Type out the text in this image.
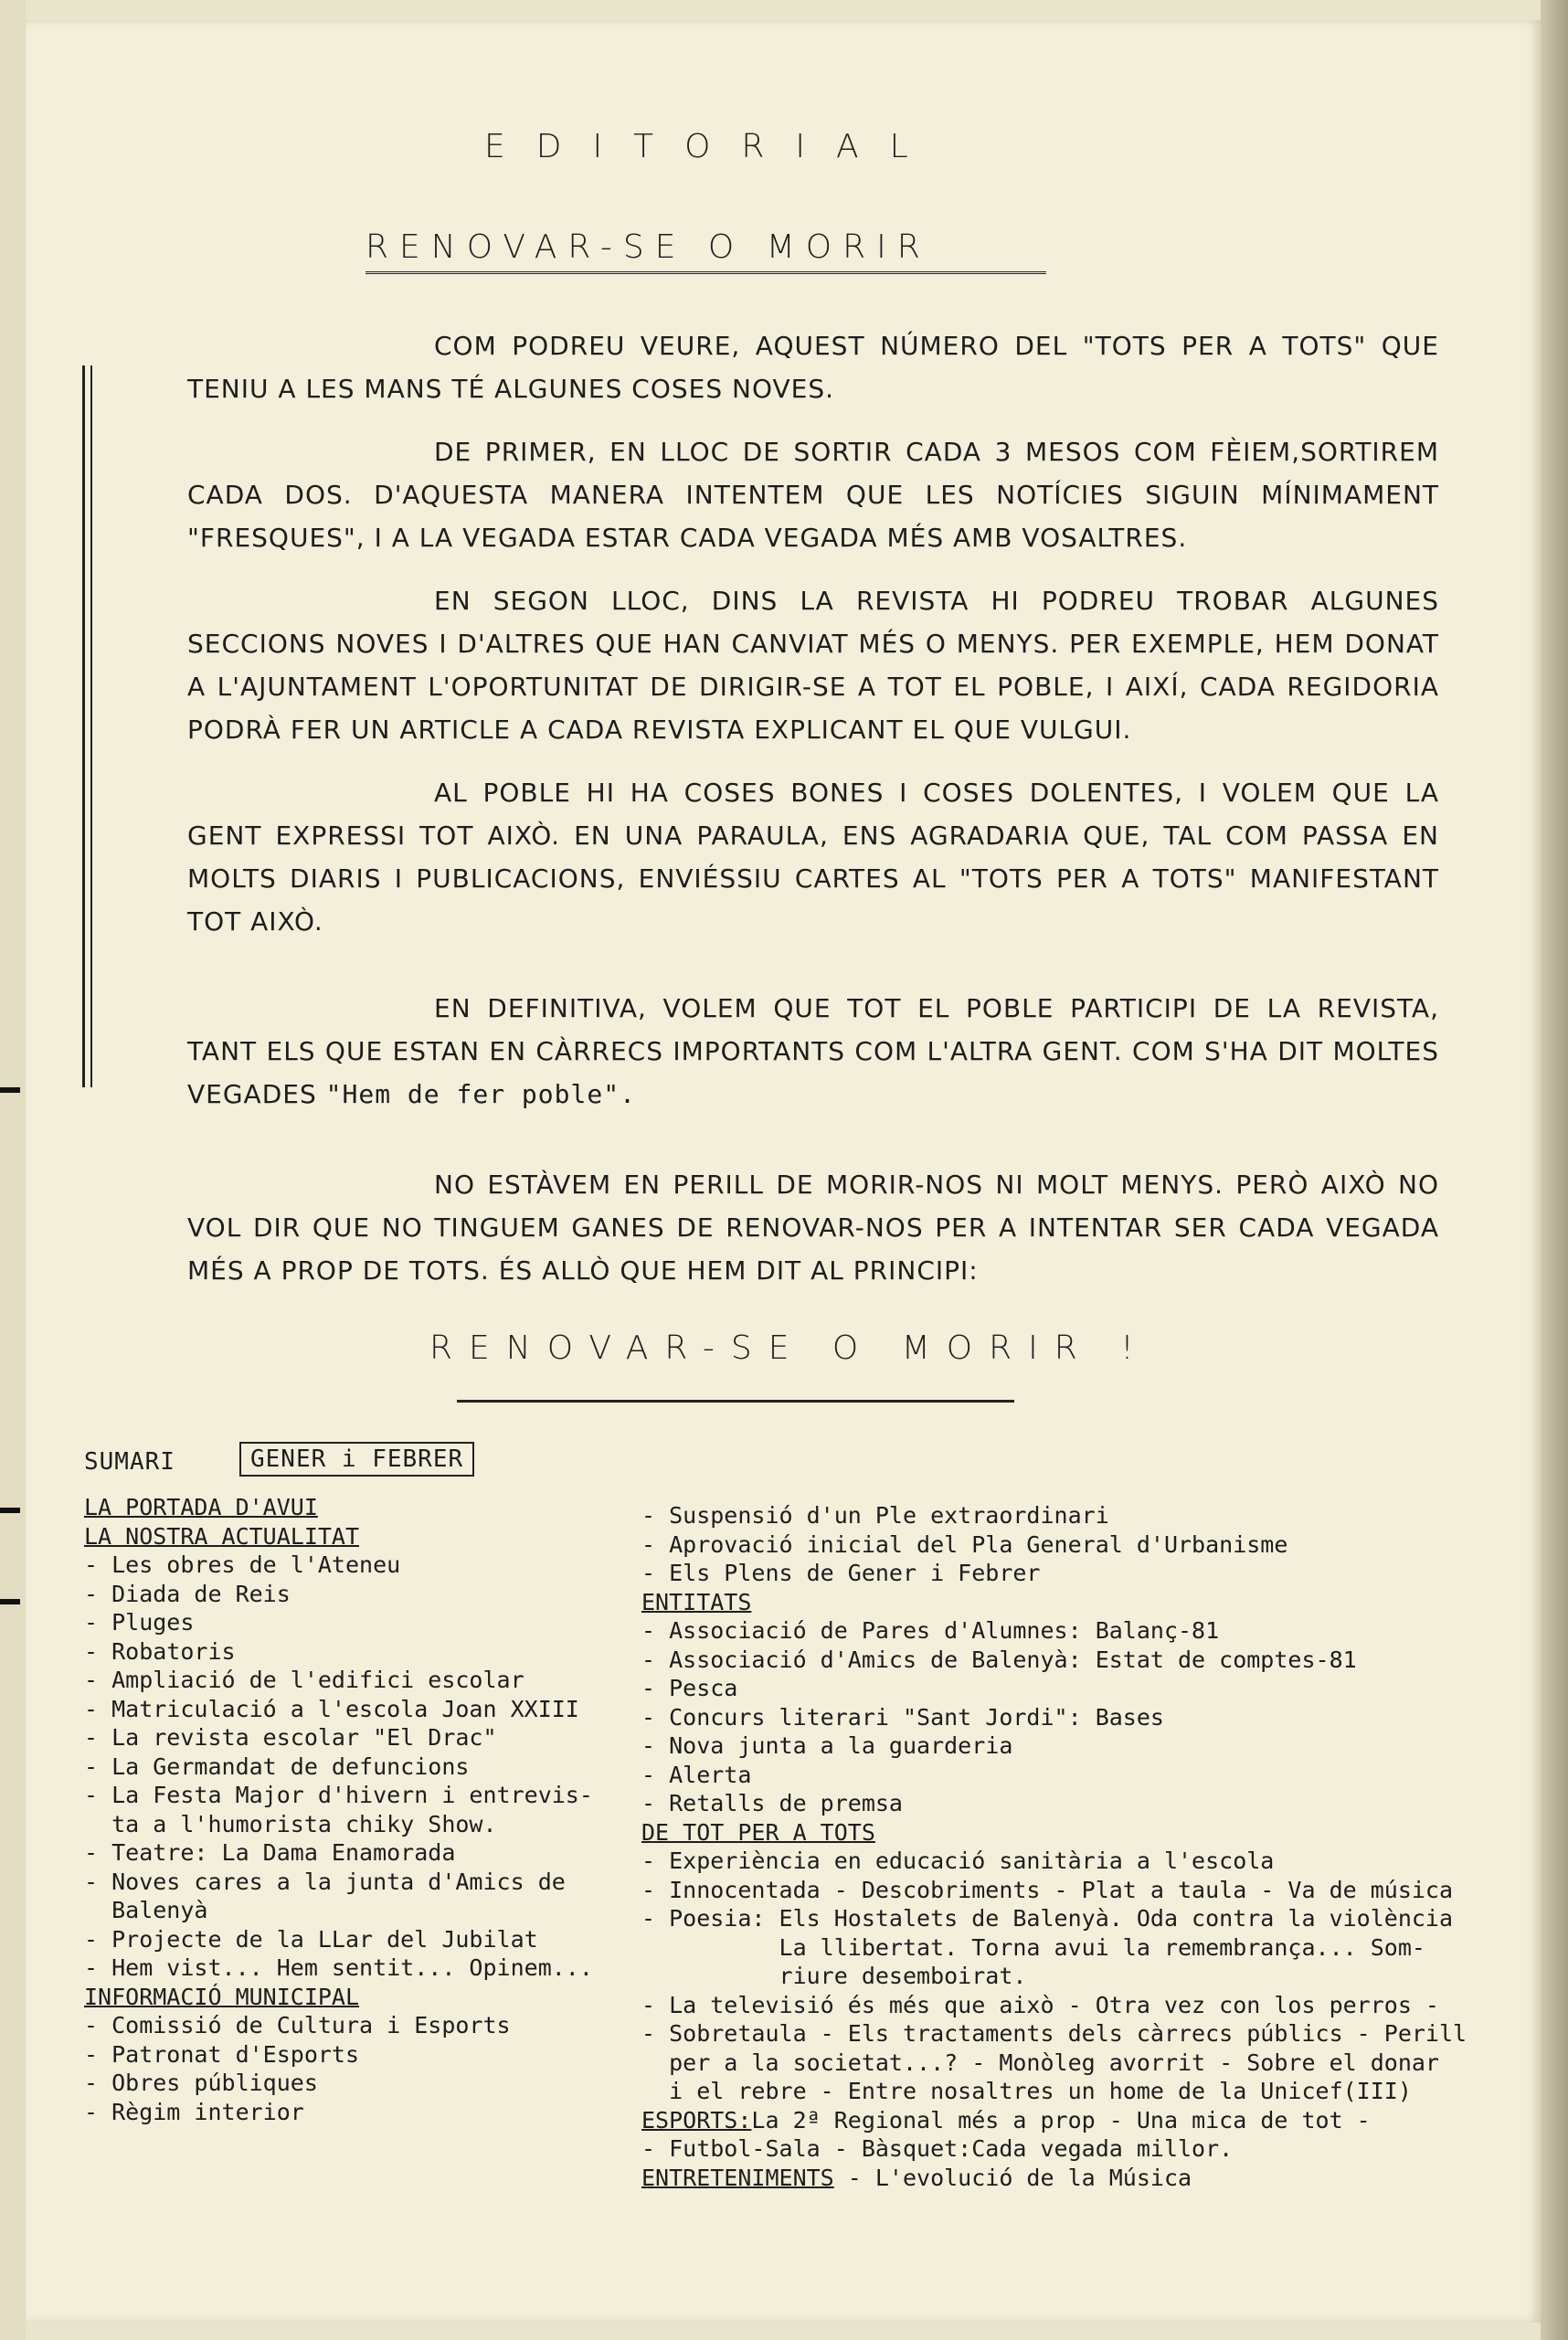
EDITORIAL
RENOVAR-SE O MORIR

COM PODREU VEURE, AQUEST NÚMERO DEL "TOTS PER A TOTS" QUE TENIU A LES MANS TÉ ALGUNES COSES NOVES.

DE PRIMER, EN LLOC DE SORTIR CADA 3 MESOS COM FÈIEM,SORTIREM CADA DOS. D'AQUESTA MANERA INTENTEM QUE LES NOTÍCIES SIGUIN MÍNIMAMENT "FRESQUES", I A LA VEGADA ESTAR CADA VEGADA MÉS AMB VOSALTRES.

EN SEGON LLOC, DINS LA REVISTA HI PODREU TROBAR ALGUNES SECCIONS NOVES I D'ALTRES QUE HAN CANVIAT MÉS O MENYS. PER EXEMPLE, HEM DONAT A L'AJUNTAMENT L'OPORTUNITAT DE DIRIGIR-SE A TOT EL POBLE, I AIXÍ, CADA REGIDORIA PODRÀ FER UN ARTICLE A CADA REVISTA EXPLICANT EL QUE VULGUI.

AL POBLE HI HA COSES BONES I COSES DOLENTES, I VOLEM QUE LA GENT EXPRESSI TOT AIXÒ. EN UNA PARAULA, ENS AGRADARIA QUE, TAL COM PASSA EN MOLTS DIARIS I PUBLICACIONS, ENVIÉSSIU CARTES AL "TOTS PER A TOTS" MANIFESTANT TOT AIXÒ.

EN DEFINITIVA, VOLEM QUE TOT EL POBLE PARTICIPI DE LA REVISTA, TANT ELS QUE ESTAN EN CÀRRECS IMPORTANTS COM L'ALTRA GENT. COM S'HA DIT MOLTES VEGADES "Hem de fer poble".

NO ESTÀVEM EN PERILL DE MORIR-NOS NI MOLT MENYS. PERÒ AIXÒ NO VOL DIR QUE NO TINGUEM GANES DE RENOVAR-NOS PER A INTENTAR SER CADA VEGADA MÉS A PROP DE TOTS. ÉS ALLÒ QUE HEM DIT AL PRINCIPI:

RENOVAR-SE O MORIR !
SUMARI	GENER i FEBRER
LA PORTADA D'AVUI
LA NOSTRA ACTUALITAT
- Les obres de l'Ateneu
- Diada de Reis
- Pluges
- Robatoris
- Ampliació de l'edifici escolar
- Matriculació a l'escola Joan XXIII
- La revista escolar "El Drac"
- La Germandat de defuncions
- La Festa Major d'hivern i entrevis-
ta a l'humorista chiky Show.
- Teatre: La Dama Enamorada
- Noves cares a la junta d'Amics de
Balenyà
- Projecte de la LLar del Jubilat
- Hem vist... Hem sentit... Opinem...
INFORMACIÓ MUNICIPAL
- Comissió de Cultura i Esports
- Patronat d'Esports
- Obres públiques
- Règim interior
- Suspensió d'un Ple extraordinari
- Aprovació inicial del Pla General d'Urbanisme
- Els Plens de Gener i Febrer
ENTITATS
- Associació de Pares d'Alumnes: Balanç-81
- Associació d'Amics de Balenyà: Estat de comptes-81
- Pesca
- Concurs literari "Sant Jordi": Bases
- Nova junta a la guarderia
- Alerta
- Retalls de premsa
DE TOT PER A TOTS
- Experiència en educació sanitària a l'escola
- Innocentada - Descobriments - Plat a taula - Va de música
- Poesia: Els Hostalets de Balenyà. Oda contra la violència
La llibertat. Torna avui la remembrança... Som-
riure desemboirat.
- La televisió és més que això - Otra vez con los perros -
- Sobretaula - Els tractaments dels càrrecs públics - Perill
per a la societat...? - Monòleg avorrit - Sobre el donar
i el rebre - Entre nosaltres un home de la Unicef(III)
ESPORTS:La 2ª Regional més a prop - Una mica de tot -
- Futbol-Sala - Bàsquet:Cada vegada millor.
ENTRETENIMENTS - L'evolució de la Música
